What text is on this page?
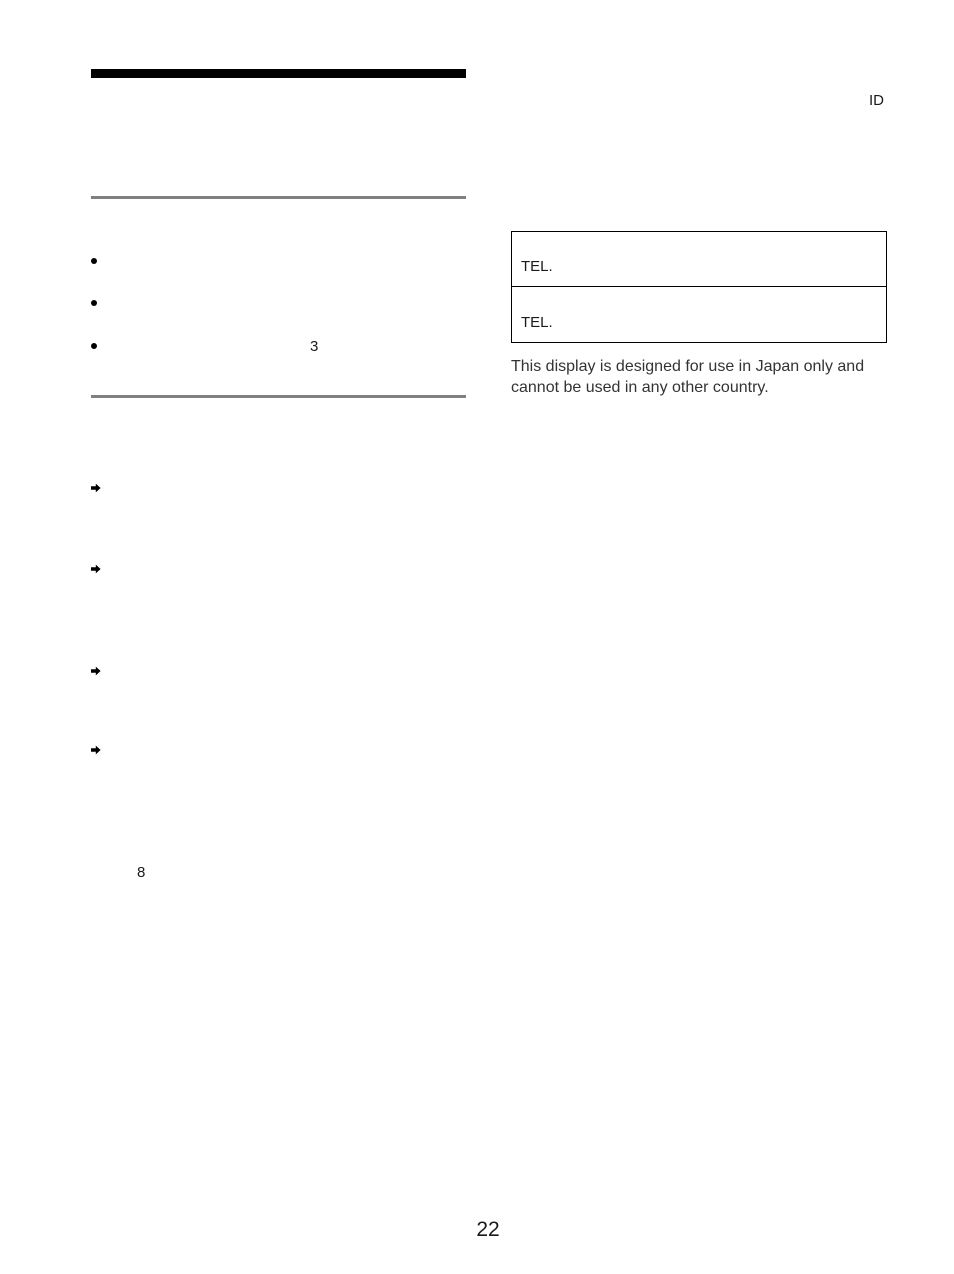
3
8
ID
TEL.
TEL.

This display is designed for use in Japan only and cannot be used in any other country.

22
